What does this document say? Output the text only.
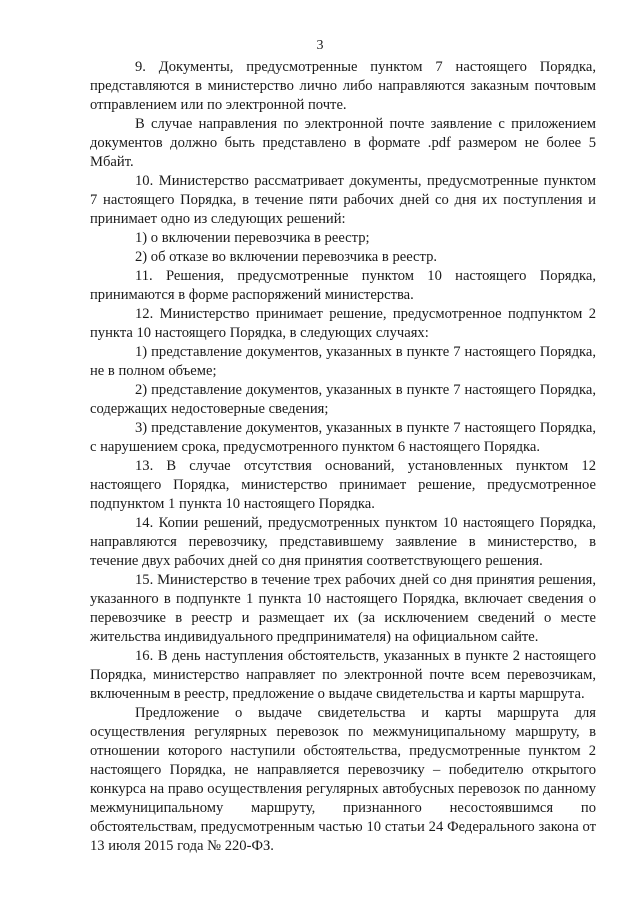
3

9. Документы, предусмотренные пунктом 7 настоящего Порядка, представляются в министерство лично либо направляются заказным почтовым отправлением или по электронной почте.

В случае направления по электронной почте заявление с приложением документов должно быть представлено в формате .pdf размером не более 5 Мбайт.

10. Министерство рассматривает документы, предусмотренные пунктом 7 настоящего Порядка, в течение пяти рабочих дней со дня их поступления и принимает одно из следующих решений:

1) о включении перевозчика в реестр;

2) об отказе во включении перевозчика в реестр.

11. Решения, предусмотренные пунктом 10 настоящего Порядка, принимаются в форме распоряжений министерства.

12. Министерство принимает решение, предусмотренное подпунктом 2 пункта 10 настоящего Порядка, в следующих случаях:

1) представление документов, указанных в пункте 7 настоящего Порядка, не в полном объеме;

2) представление документов, указанных в пункте 7 настоящего Порядка, содержащих недостоверные сведения;

3) представление документов, указанных в пункте 7 настоящего Порядка, с нарушением срока, предусмотренного пунктом 6 настоящего Порядка.

13. В случае отсутствия оснований, установленных пунктом 12 настоящего Порядка, министерство принимает решение, предусмотренное подпунктом 1 пункта 10 настоящего Порядка.

14. Копии решений, предусмотренных пунктом 10 настоящего Порядка, направляются перевозчику, представившему заявление в министерство, в течение двух рабочих дней со дня принятия соответствующего решения.

15. Министерство в течение трех рабочих дней со дня принятия решения, указанного в подпункте 1 пункта 10 настоящего Порядка, включает сведения о перевозчике в реестр и размещает их (за исключением сведений о месте жительства индивидуального предпринимателя) на официальном сайте.

16. В день наступления обстоятельств, указанных в пункте 2 настоящего Порядка, министерство направляет по электронной почте всем перевозчикам, включенным в реестр, предложение о выдаче свидетельства и карты маршрута.

Предложение о выдаче свидетельства и карты маршрута для осуществления регулярных перевозок по межмуниципальному маршруту, в отношении которого наступили обстоятельства, предусмотренные пунктом 2 настоящего Порядка, не направляется перевозчику – победителю открытого конкурса на право осуществления регулярных автобусных перевозок по данному межмуниципальному маршруту, признанного несостоявшимся по обстоятельствам, предусмотренным частью 10 статьи 24 Федерального закона от 13 июля 2015 года № 220-ФЗ.
